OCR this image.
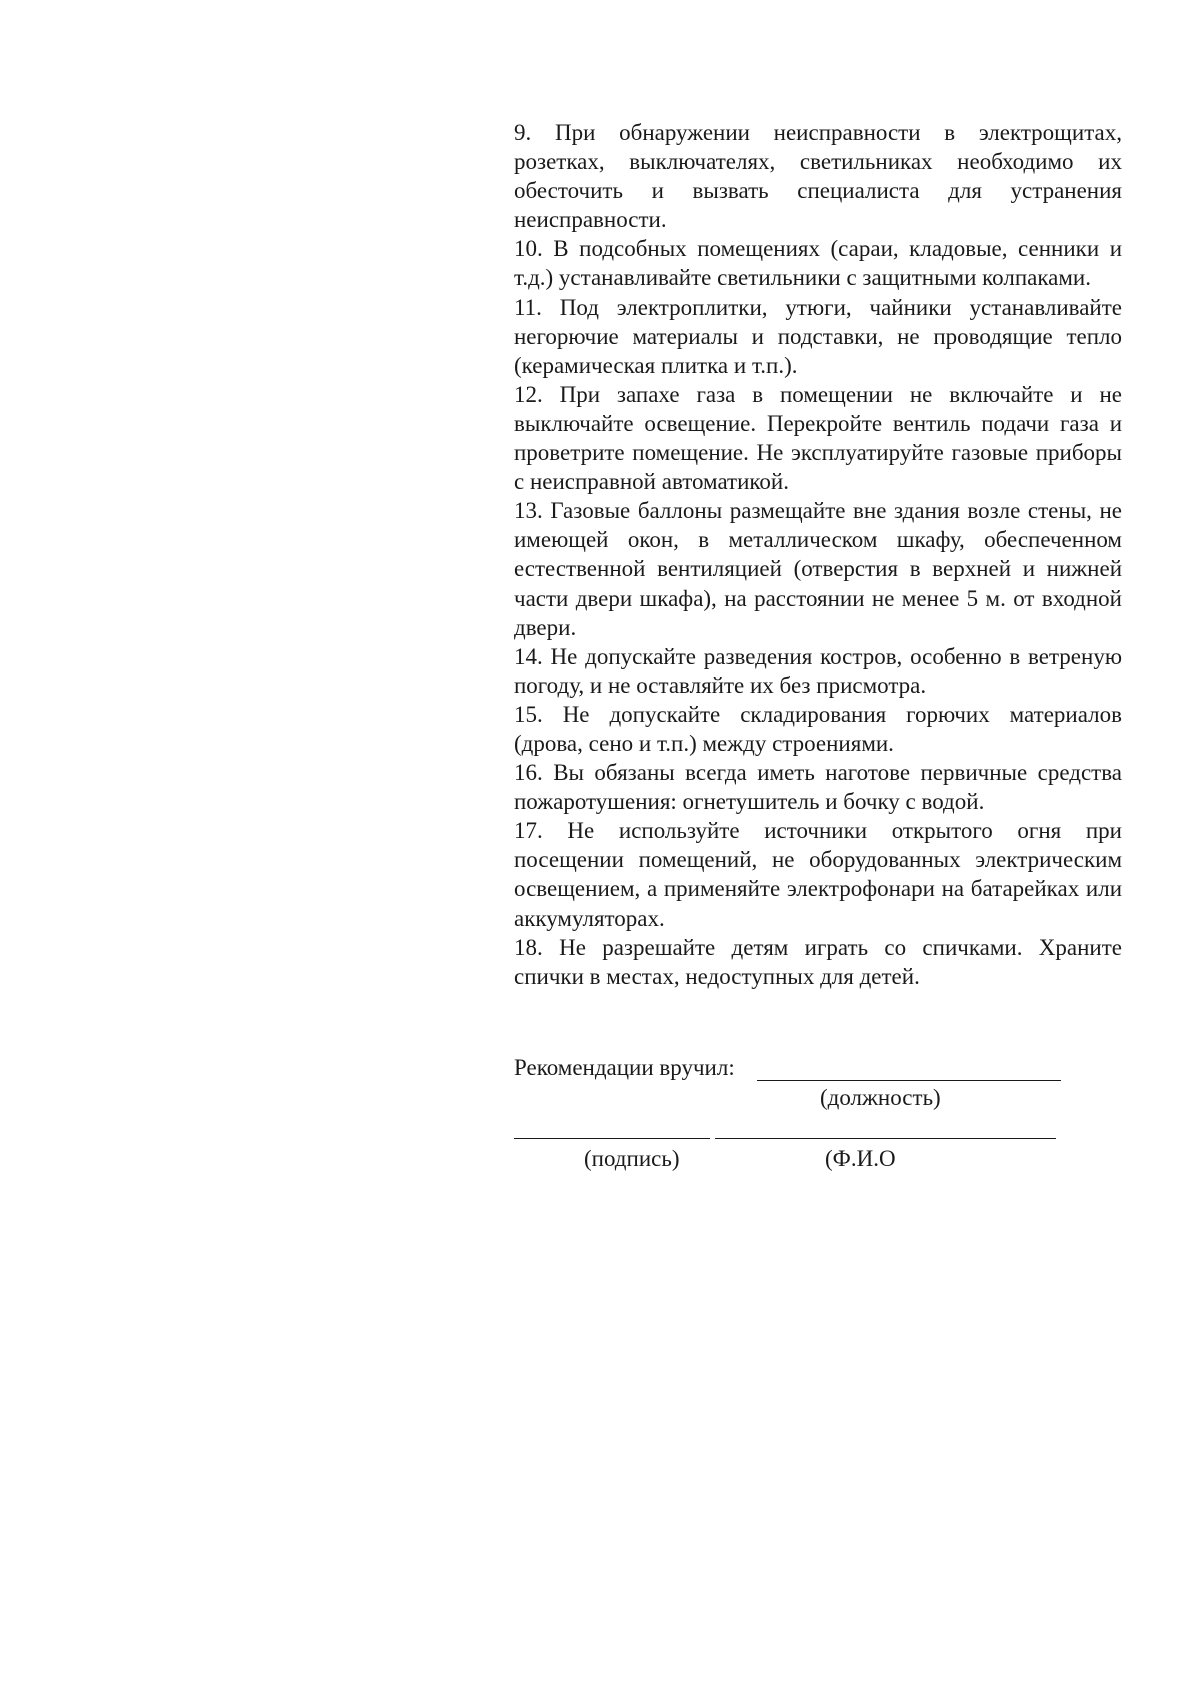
9. При обнаружении неисправности в электрощитах, розетках, выключателях, светильниках необходимо их обесточить и вызвать специалиста для устранения неисправности.

10. В подсобных помещениях (сараи, кладовые, сенники и т.д.) устанавливайте светильники с защитными колпаками.

11. Под электроплитки, утюги, чайники устанавливайте негорючие материалы и подставки, не проводящие тепло (керамическая плитка и т.п.).

12. При запахе газа в помещении не включайте и не выключайте освещение. Перекройте вентиль подачи газа и проветрите помещение. Не эксплуатируйте газовые приборы с неисправной автоматикой.

13. Газовые баллоны размещайте вне здания возле стены, не имеющей окон, в металлическом шкафу, обеспеченном естественной вентиляцией (отверстия в верхней и нижней части двери шкафа), на расстоянии не менее 5 м. от входной двери.

14. Не допускайте разведения костров, особенно в ветреную погоду, и не оставляйте их без присмотра.

15. Не допускайте складирования горючих материалов (дрова, сено и т.п.) между строениями.

16. Вы обязаны всегда иметь наготове первичные средства пожаротушения: огнетушитель и бочку с водой.

17. Не используйте источники открытого огня при посещении помещений, не оборудованных электрическим освещением, а применяйте электрофонари на батарейках или аккумуляторах.

18. Не разрешайте детям играть со спичками. Храните спички в местах, недоступных для детей.

Рекомендации вручил:
(должность)
(подпись)	(Ф.И.О
